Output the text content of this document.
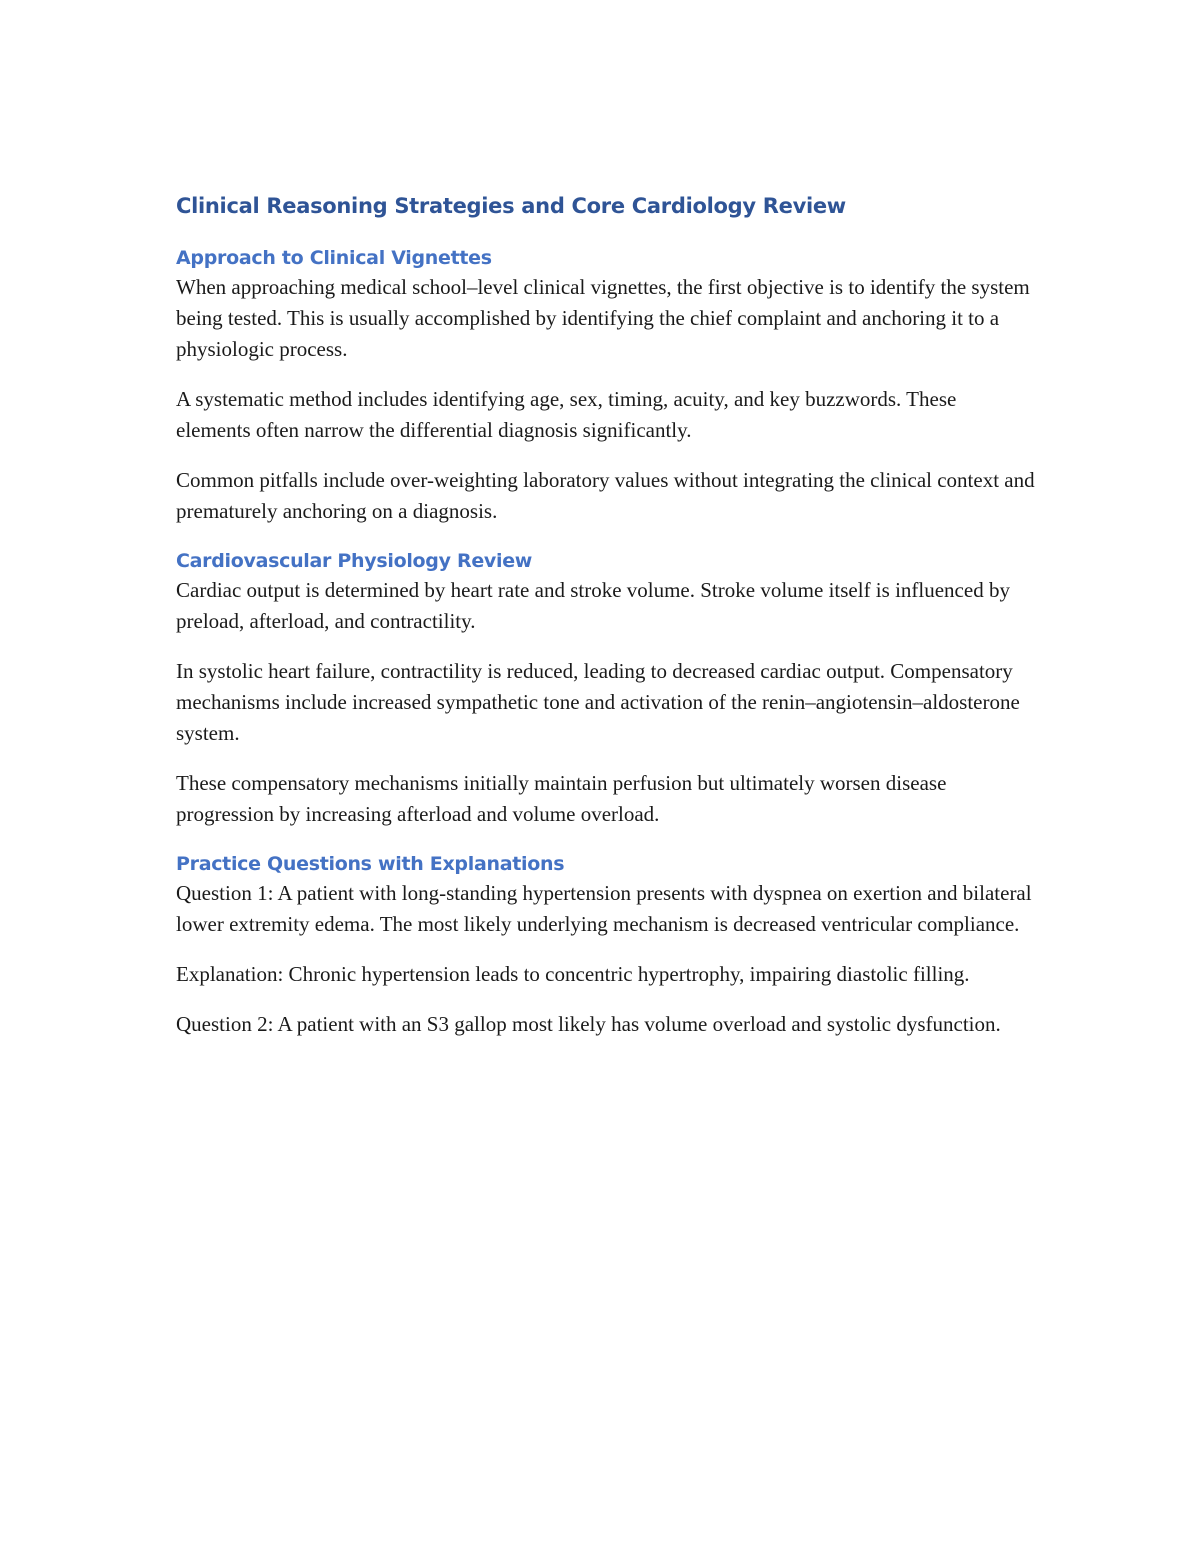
Clinical Reasoning Strategies and Core Cardiology Review
Approach to Clinical Vignettes

When approaching medical school–level clinical vignettes, the first objective is to identify the system being tested. This is usually accomplished by identifying the chief complaint and anchoring it to a physiologic process.

A systematic method includes identifying age, sex, timing, acuity, and key buzzwords. These elements often narrow the differential diagnosis significantly.

Common pitfalls include over-weighting laboratory values without integrating the clinical context and prematurely anchoring on a diagnosis.

Cardiovascular Physiology Review

Cardiac output is determined by heart rate and stroke volume. Stroke volume itself is influenced by preload, afterload, and contractility.

In systolic heart failure, contractility is reduced, leading to decreased cardiac output. Compensatory mechanisms include increased sympathetic tone and activation of the renin–angiotensin–aldosterone system.

These compensatory mechanisms initially maintain perfusion but ultimately worsen disease progression by increasing afterload and volume overload.

Practice Questions with Explanations

Question 1: A patient with long-standing hypertension presents with dyspnea on exertion and bilateral lower extremity edema. The most likely underlying mechanism is decreased ventricular compliance.

Explanation: Chronic hypertension leads to concentric hypertrophy, impairing diastolic filling.

Question 2: A patient with an S3 gallop most likely has volume overload and systolic dysfunction.
